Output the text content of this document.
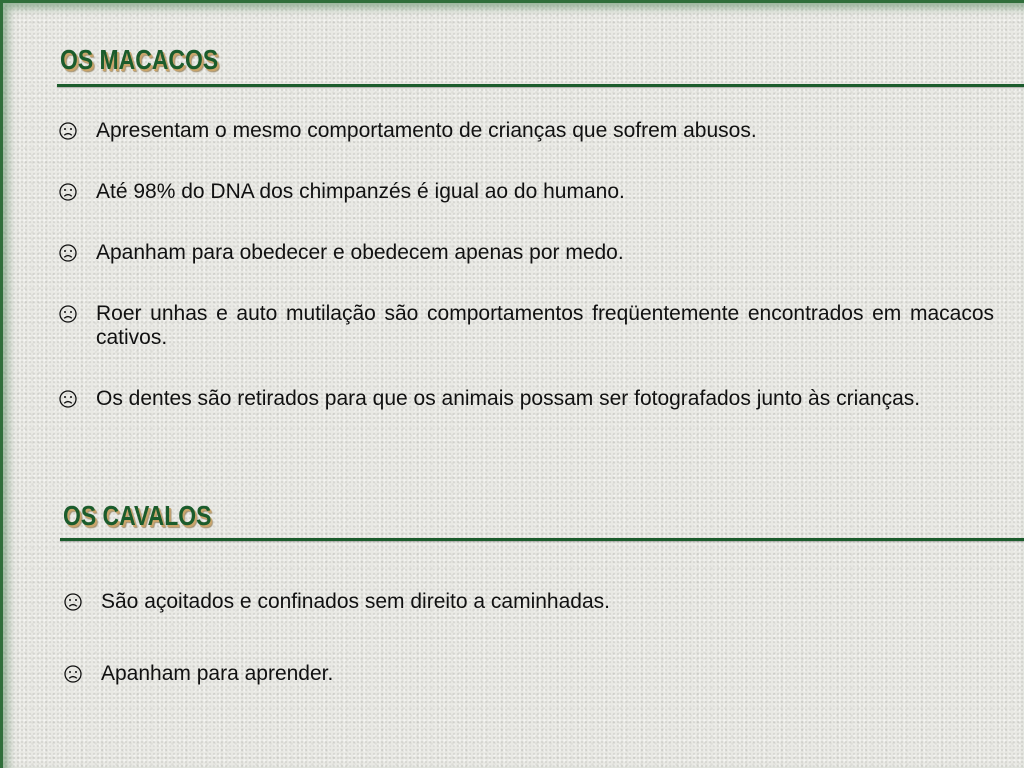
OS MACACOS
Apresentam o mesmo comportamento de crianças que sofrem abusos.
Até 98% do DNA dos chimpanzés é igual ao do humano.
Apanham para obedecer e obedecem apenas por medo.
Roer unhas e auto mutilação são comportamentos freqüentemente encontrados em macacos cativos.
Os dentes são retirados para que os animais possam ser fotografados junto às crianças.
OS CAVALOS
São açoitados e confinados sem direito a caminhadas.
Apanham para aprender.
